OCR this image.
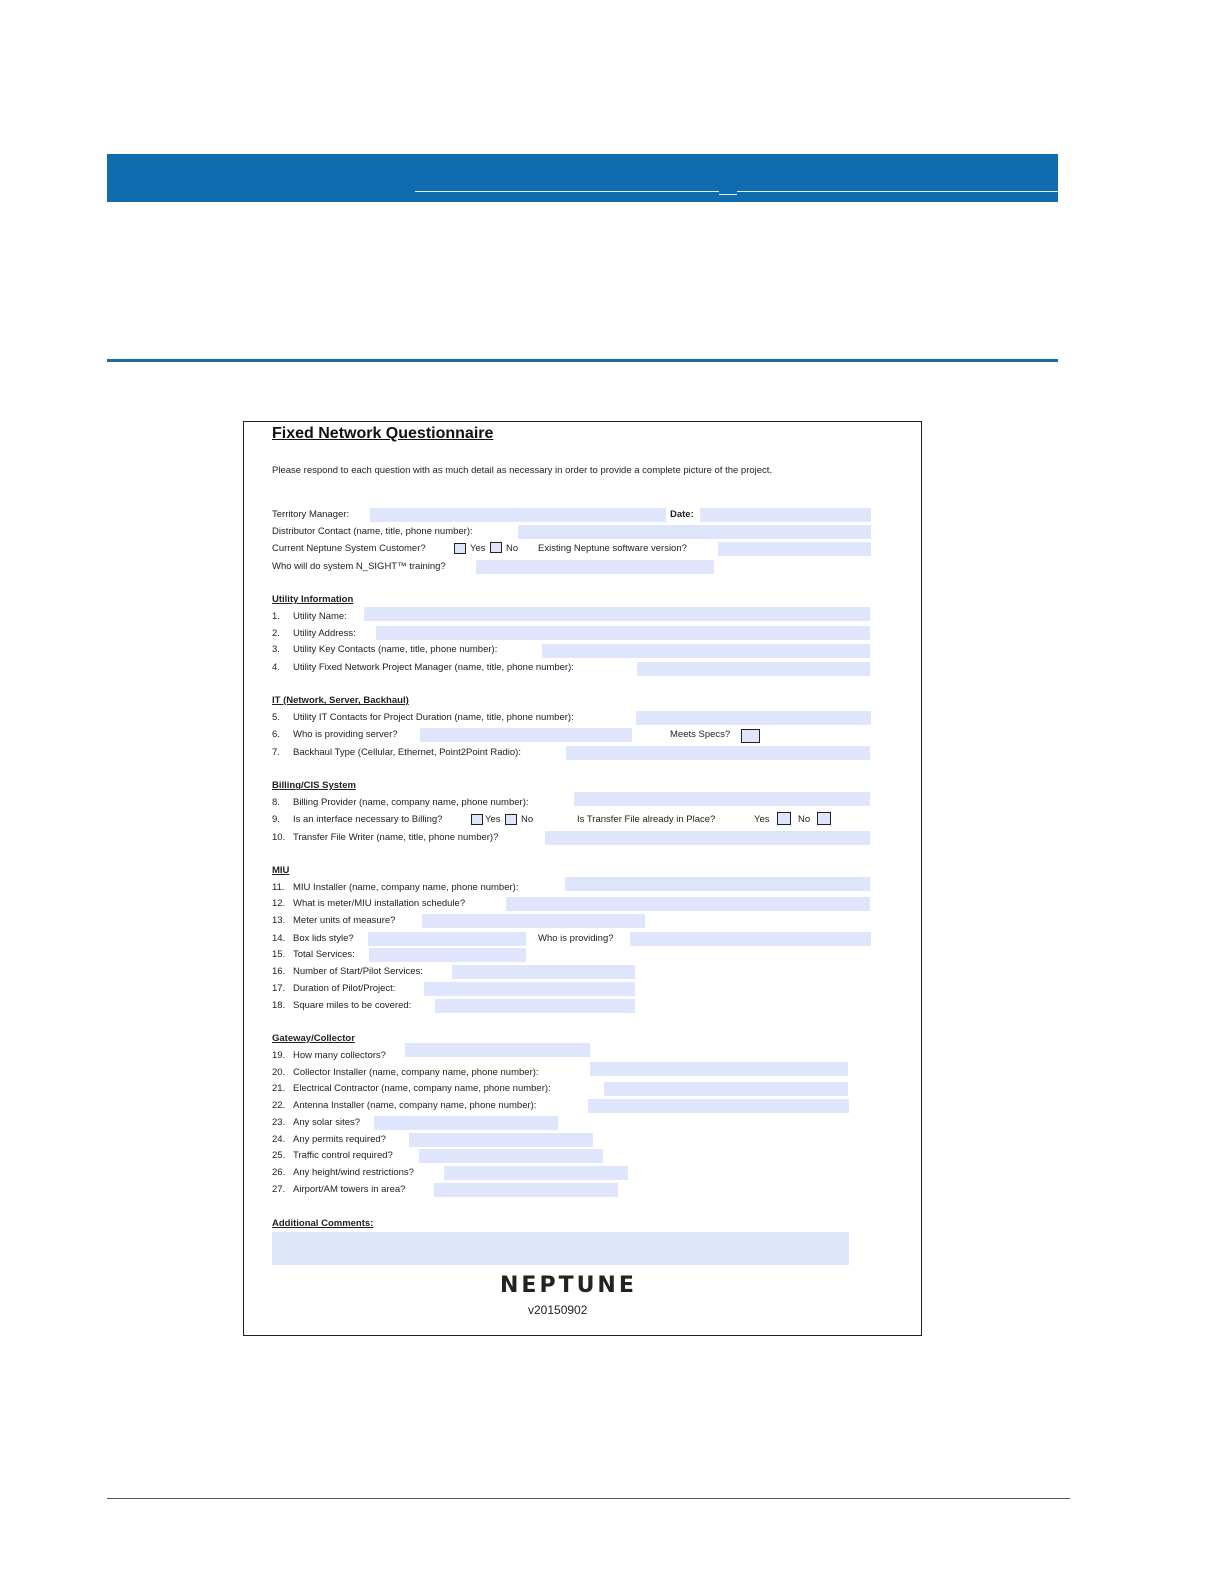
Fixed Network Questionnaire
Please respond to each question with as much detail as necessary in order to provide a complete picture of the project.
Territory Manager:	Date:
Distributor Contact (name, title, phone number):
Current Neptune System Customer?	Yes No Existing Neptune software version?
Who will do system N_SIGHT™ training?
Utility Information
1. Utility Name:
2. Utility Address:
3. Utility Key Contacts (name, title, phone number):
4. Utility Fixed Network Project Manager (name, title, phone number):
IT (Network, Server, Backhaul)
5. Utility IT Contacts for Project Duration (name, title, phone number):
6. Who is providing server?	Meets Specs?
7. Backhaul Type (Cellular, Ethernet, Point2Point Radio):
Billing/CIS System
8. Billing Provider (name, company name, phone number):
9. Is an interface necessary to Billing?	Yes No	Is Transfer File already in Place?	Yes	No
10. Transfer File Writer (name, title, phone number)?
MIU
11. MIU Installer (name, company name, phone number):
12. What is meter/MIU installation schedule?
13. Meter units of measure?
14. Box lids style?	Who is providing?
15. Total Services:
16. Number of Start/Pilot Services:
17. Duration of Pilot/Project:
18. Square miles to be covered:
Gateway/Collector
19. How many collectors?
20. Collector Installer (name, company name, phone number):
21. Electrical Contractor (name, company name, phone number):
22. Antenna Installer (name, company name, phone number):
23. Any solar sites?
24. Any permits required?
25. Traffic control required?
26. Any height/wind restrictions?
27. Airport/AM towers in area?
Additional Comments:
NEPTUNE
v20150902
